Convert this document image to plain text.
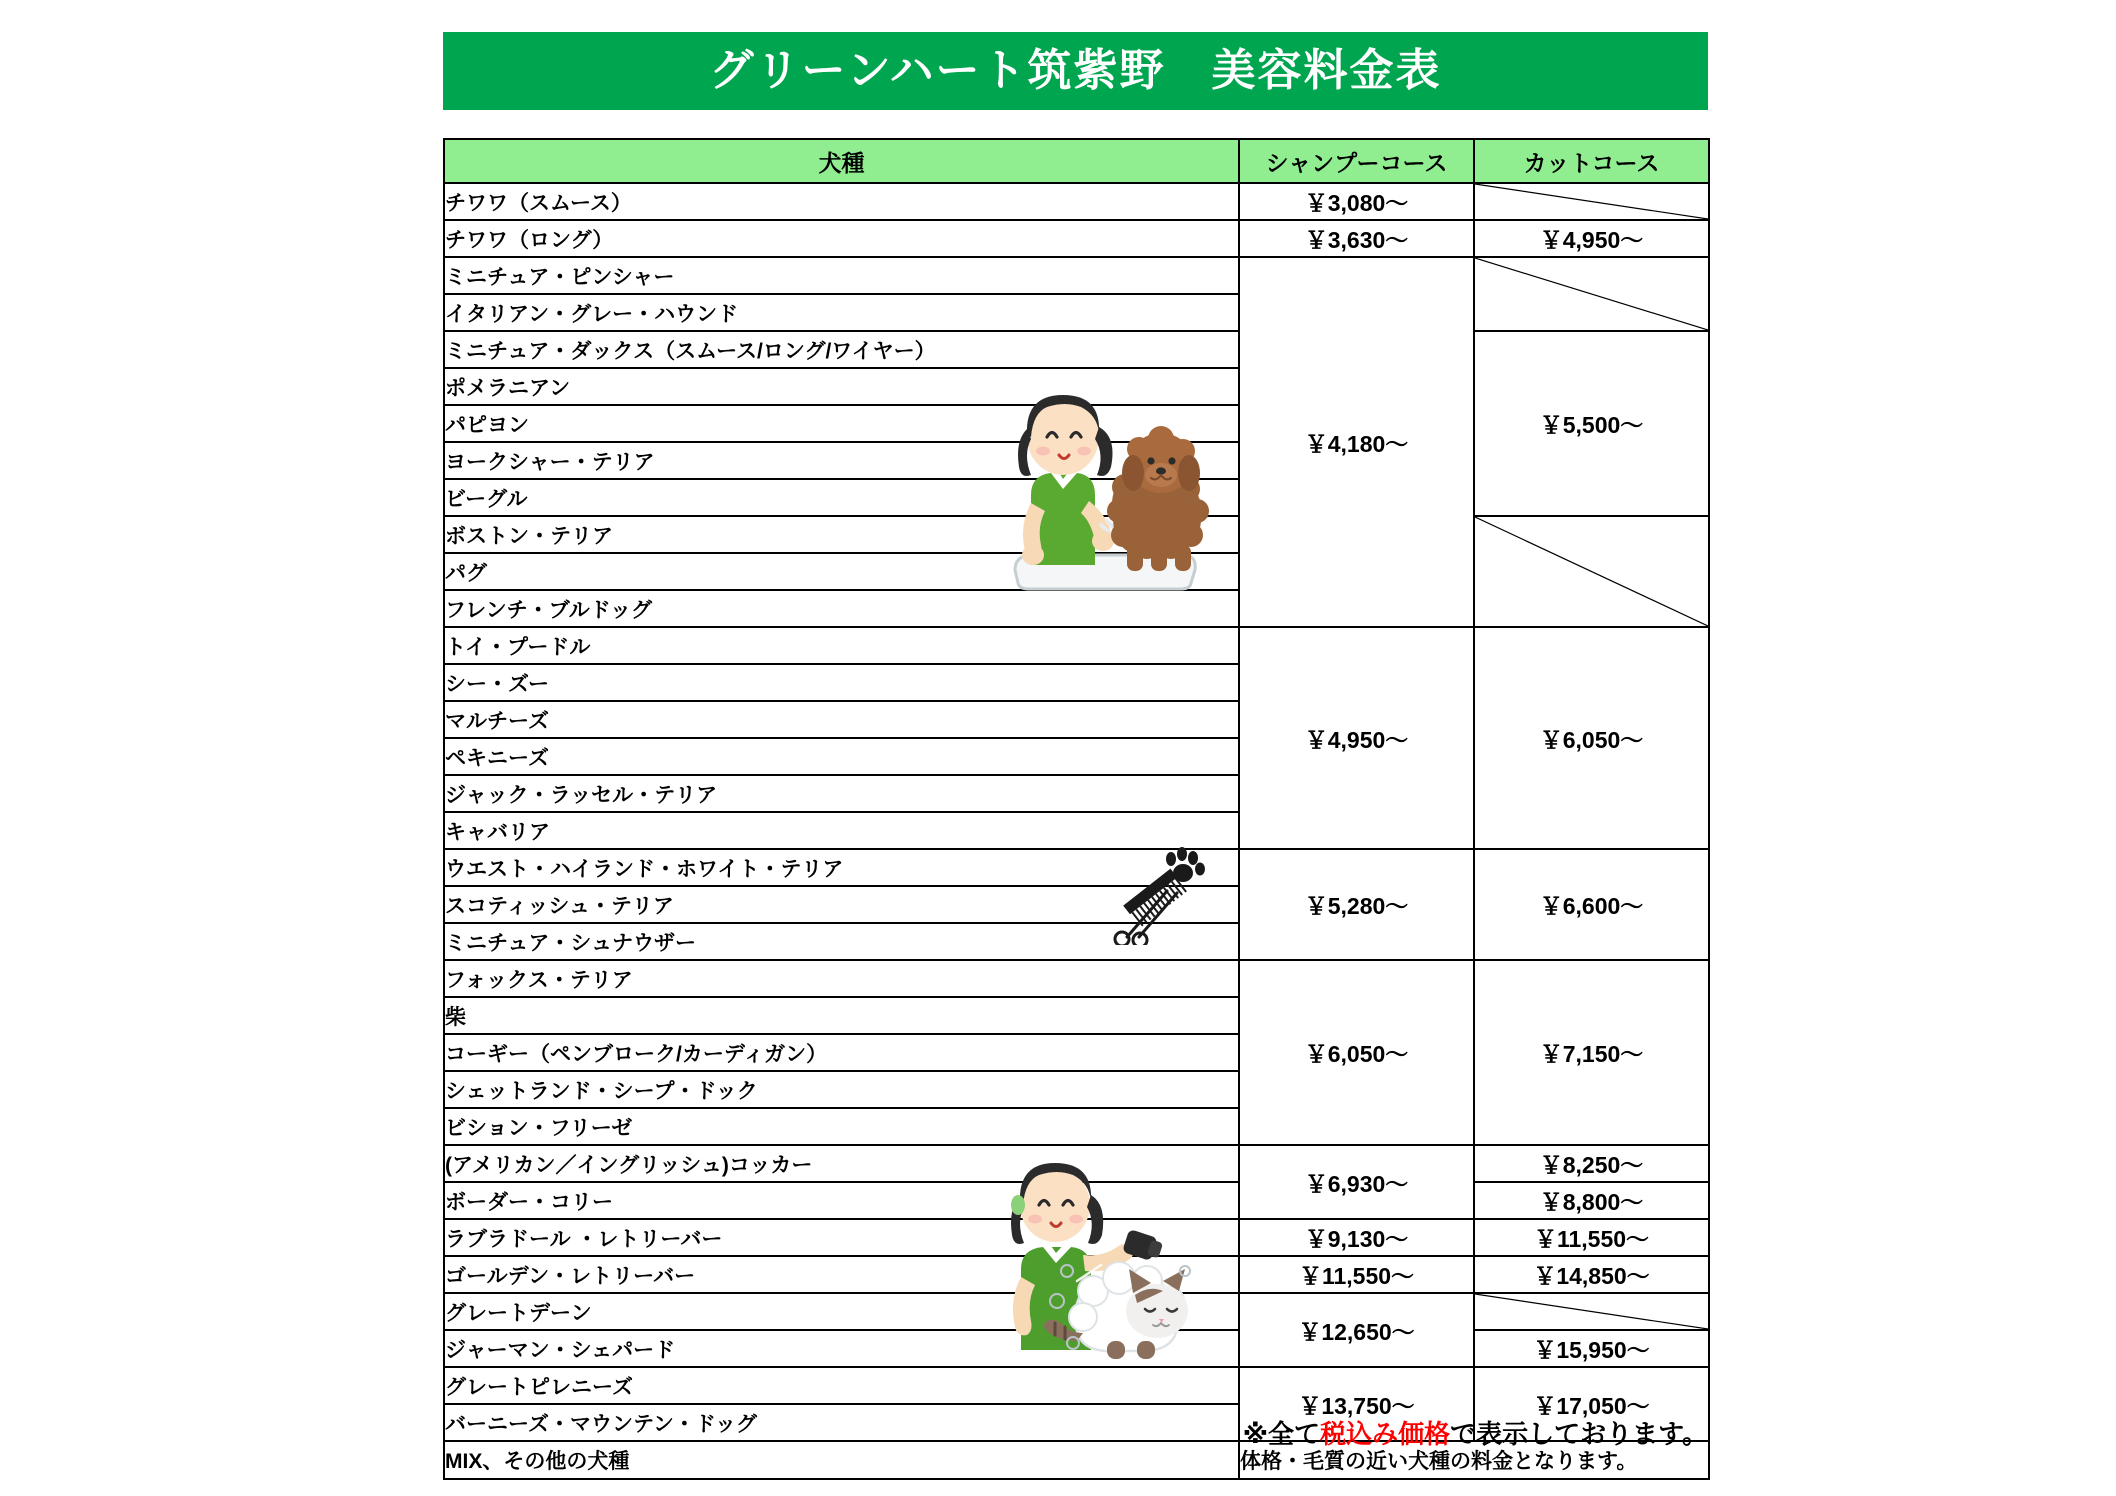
グリーンハート筑紫野　美容料金表
犬種	シャンプーコース	カットコース
チワワ（スムース）	￥3,080〜	

チワワ（ロング）	￥3,630〜	￥4,950〜
ミニチュア・ピンシャー	￥4,180〜	

イタリアン・グレー・ハウンド		
ミニチュア・ダックス（スムース/ロング/ワイヤー）		￥5,500〜
ポメラニアン		
パピヨン		
ヨークシャー・テリア		
ビーグル		
ボストン・テリア	

パグ		
フレンチ・ブルドッグ		
トイ・プードル	￥4,950〜	￥6,050〜
シー・ズー		
マルチーズ		
ペキニーズ		
ジャック・ラッセル・テリア		
キャバリア		
ウエスト・ハイランド・ホワイト・テリア	￥5,280〜	￥6,600〜
スコティッシュ・テリア		
ミニチュア・シュナウザー		
フォックス・テリア	￥6,050〜	￥7,150〜
柴		
コーギー（ペンブローク/カーディガン）		
シェットランド・シープ・ドック		
ビション・フリーゼ		
(アメリカン／イングリッシュ)コッカー	￥6,930〜	￥8,250〜
ボーダー・コリー		￥8,800〜
ラブラドール ・レトリーバー	￥9,130〜	￥11,550〜
ゴールデン・レトリーバー	￥11,550〜	￥14,850〜
グレートデーン	￥12,650〜	

ジャーマン・シェパード		￥15,950〜
グレートピレニーズ	￥13,750〜	￥17,050〜
バーニーズ・マウンテン・ドッグ		
MIX、その他の犬種	体格・毛質の近い犬種の料金となります。	
※全て税込み価格で表示しております。
